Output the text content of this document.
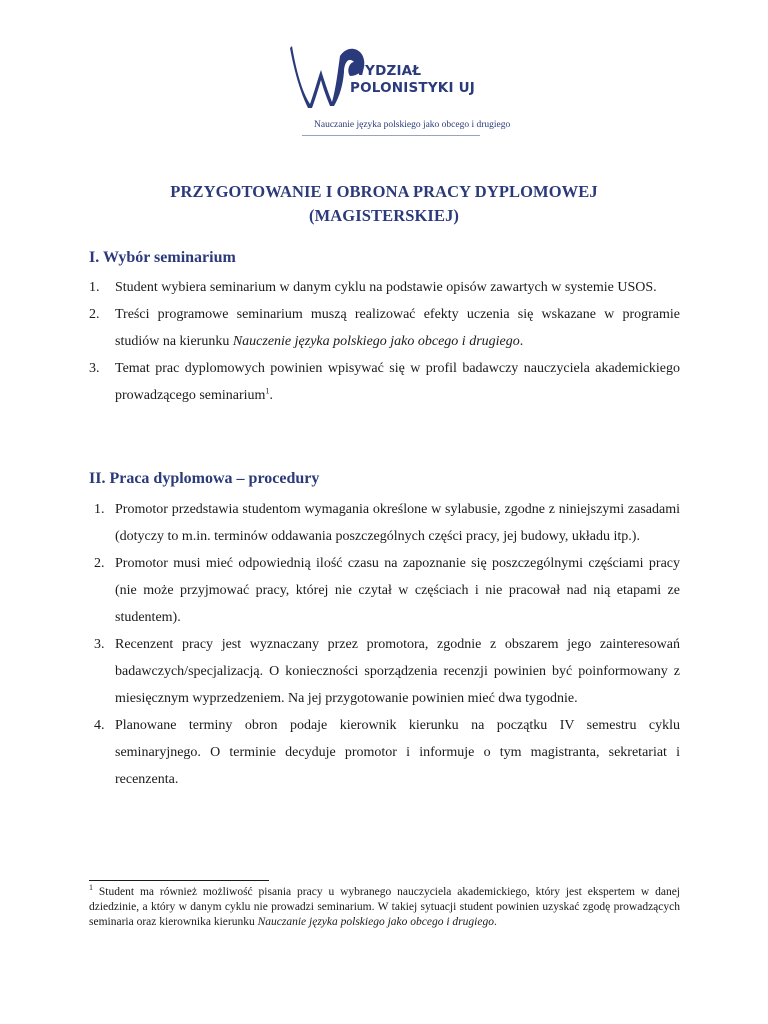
WYDZIAŁ
POLONISTYKI UJ
Nauczanie języka polskiego jako obcego i drugiego
PRZYGOTOWANIE I OBRONA PRACY DYPLOMOWEJ
(MAGISTERSKIEJ)
I. Wybór seminarium
1. Student wybiera seminarium w danym cyklu na podstawie opisów zawartych w systemie USOS.
2. Treści programowe seminarium muszą realizować efekty uczenia się wskazane w programie studiów na kierunku Nauczenie języka polskiego jako obcego i drugiego.
3. Temat prac dyplomowych powinien wpisywać się w profil badawczy nauczyciela akademickiego prowadzącego seminarium$^1$.
II. Praca dyplomowa – procedury
1. Promotor przedstawia studentom wymagania określone w sylabusie, zgodne z niniejszymi zasadami (dotyczy to m.in. terminów oddawania poszczególnych części pracy, jej budowy, układu itp.).
2. Promotor musi mieć odpowiednią ilość czasu na zapoznanie się poszczególnymi częściami pracy (nie może przyjmować pracy, której nie czytał w częściach i nie pracował nad nią etapami ze studentem).
3. Recenzent pracy jest wyznaczany przez promotora, zgodnie z obszarem jego zainteresowań badawczych/specjalizacją. O konieczności sporządzenia recenzji powinien być poinformowany z miesięcznym wyprzedzeniem. Na jej przygotowanie powinien mieć dwa tygodnie.
4. Planowane terminy obron podaje kierownik kierunku na początku IV semestru cyklu seminaryjnego. O terminie decyduje promotor i informuje o tym magistranta, sekretariat i recenzenta.
$^1$ Student ma również możliwość pisania pracy u wybranego nauczyciela akademickiego, który jest ekspertem w danej dziedzinie, a który w danym cyklu nie prowadzi seminarium. W takiej sytuacji student powinien uzyskać zgodę prowadzących seminaria oraz kierownika kierunku Nauczanie języka polskiego jako obcego i drugiego.
